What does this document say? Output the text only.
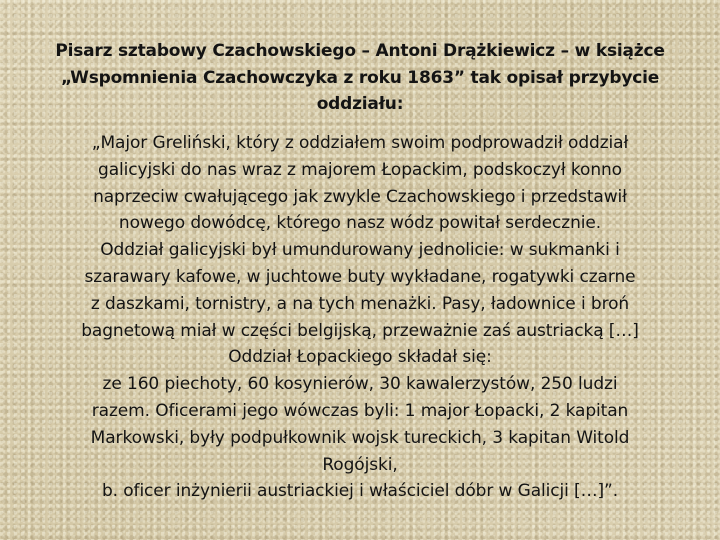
Pisarz sztabowy Czachowskiego – Antoni Drążkiewicz – w książce
„Wspomnienia Czachowczyka z roku 1863” tak opisał przybycie
oddziału:
„Major Greliński, który z oddziałem swoim podprowadził oddział
galicyjski do nas wraz z majorem Łopackim, podskoczył konno
naprzeciw cwałującego jak zwykle Czachowskiego i przedstawił
nowego dowódcę, którego nasz wódz powitał serdecznie.
Oddział galicyjski był umundurowany jednolicie: w sukmanki i
szarawary kafowe, w juchtowe buty wykładane, rogatywki czarne
z daszkami, tornistry, a na tych menażki. Pasy, ładownice i broń
bagnetową miał w części belgijską, przeważnie zaś austriacką […]
Oddział Łopackiego składał się:
ze 160 piechoty, 60 kosynierów, 30 kawalerzystów, 250 ludzi
razem. Oficerami jego wówczas byli: 1 major Łopacki, 2 kapitan
Markowski, były podpułkownik wojsk tureckich, 3 kapitan Witold
Rogójski,
b. oficer inżynierii austriackiej i właściciel dóbr w Galicji […]”.
